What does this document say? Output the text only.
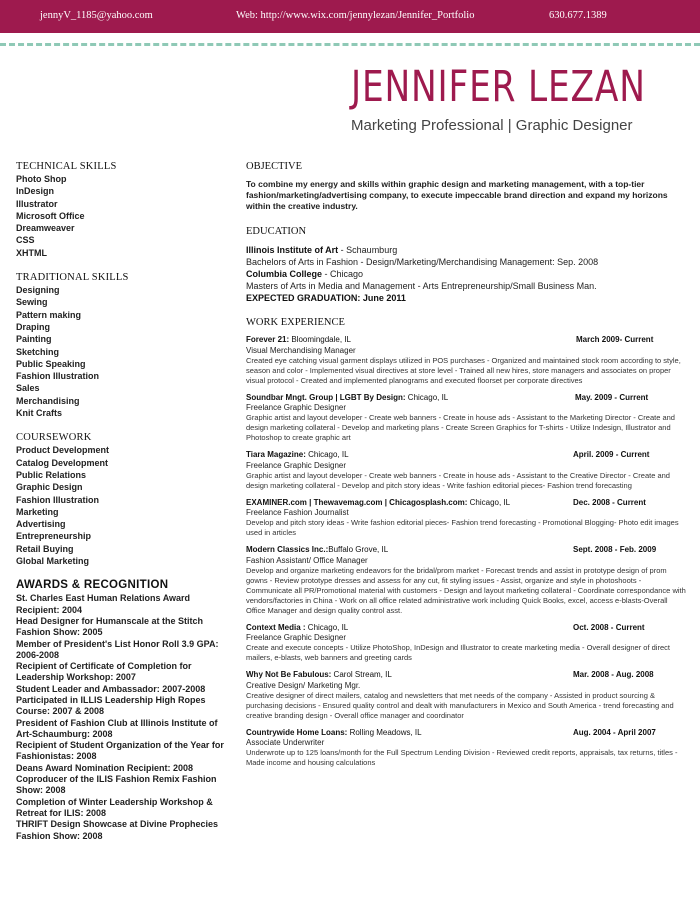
jennyV_1185@yahoo.com	Web: http://www.wix.com/jennylezan/Jennifer_Portfolio	630.677.1389
JENNIFER LEZAN
Marketing Professional | Graphic Designer
TECHNICAL SKILLS
Photo Shop
InDesign
Illustrator
Microsoft Office
Dreamweaver
CSS
XHTML
TRADITIONAL SKILLS
Designing
Sewing
Pattern making
Draping
Painting
Sketching
Public Speaking
Fashion Illustration
Sales
Merchandising
Knit Crafts
COURSEWORK
Product Development
Catalog Development
Public Relations
Graphic Design
Fashion Illustration
Marketing
Advertising
Entrepreneurship
Retail Buying
Global Marketing
AWARDS & RECOGNITION
St. Charles East Human Relations Award Recipient: 2004
Head Designer for Humanscale at the Stitch Fashion Show: 2005
Member of President's List Honor Roll 3.9 GPA: 2006-2008
Recipient of Certificate of Completion for Leadership Workshop: 2007
Student Leader and Ambassador: 2007-2008
Participated in ILLIS Leadership High Ropes Course: 2007 & 2008
President of Fashion Club at Illinois Institute of Art-Schaumburg: 2008
Recipient of Student Organization of the Year for Fashionistas: 2008
Deans Award Nomination Recipient: 2008
Coproducer of the ILIS Fashion Remix Fashion Show: 2008
Completion of Winter Leadership Workshop & Retreat for ILIS: 2008
THRIFT Design Showcase at Divine Prophecies Fashion Show: 2008
OBJECTIVE

To combine my energy and skills within graphic design and marketing management, with a top-tier fashion/marketing/advertising company, to execute impeccable brand direction and expand my horizons within the creative industry.

EDUCATION
Illinois Institute of Art - Schaumburg
Bachelors of Arts in Fashion - Design/Marketing/Merchandising Management: Sep. 2008
Columbia College - Chicago
Masters of Arts in Media and Management - Arts Entrepreneurship/Small Business Man.
EXPECTED GRADUATION: June 2011
WORK EXPERIENCE
Forever 21: Bloomingdale, IL	March 2009- Current
Visual Merchandising Manager
Created eye catching visual garment displays utilized in POS purchases - Organized and maintained stock room according to style, season and color - Implemented visual directives at store level - Trained all new hires, store managers and associates on proper visual protocol - Created and implemented planograms and executed floorset per corporate directives
Soundbar Mngt. Group | LGBT By Design: Chicago, IL	May. 2009 - Current
Freelance Graphic Designer
Graphic artist and layout developer - Create web banners - Create in house ads - Assistant to the Marketing Director - Create and design marketing collateral - Develop and marketing plans - Create Screen Graphics for T-shirts - Utilize Indesign, Illustrator and Photoshop to create graphic art
Tiara Magazine: Chicago, IL	April. 2009 - Current
Freelance Graphic Designer
Graphic artist and layout developer - Create web banners - Create in house ads - Assistant to the Creative Director - Create and design marketing collateral - Develop and pitch story ideas - Write fashion editorial pieces- Fashion trend forecasting
EXAMINER.com | Thewavemag.com | Chicagosplash.com: Chicago, IL	Dec. 2008 - Current
Freelance Fashion Journalist
Develop and pitch story ideas - Write fashion editorial pieces- Fashion trend forecasting - Promotional Blogging- Photo edit images used in articles
Modern Classics Inc.:Buffalo Grove, IL	Sept. 2008 - Feb. 2009
Fashion Assistant/ Office Manager
Develop and organize marketing endeavors for the bridal/prom market - Forecast trends and assist in prototype design of prom gowns - Review prototype dresses and assess for any cut, fit styling issues - Assist, organize and style in photoshoots -Communicate all PR/Promotional material with customers - Design and layout marketing collateral - Coordinate correspondance with vendors/factories in China - Work on all office related administrative work including Quick Books, excel, access e-blasts-Overall Office Manager and design quality control asst.
Context Media : Chicago, IL	Oct. 2008 - Current
Freelance Graphic Designer
Create and execute concepts - Utilize PhotoShop, InDesign and Illustrator to create marketing media - Overall designer of direct mailers, e-blasts, web banners and greeting cards
Why Not Be Fabulous: Carol Stream, IL	Mar. 2008 - Aug. 2008
Creative Design/ Marketing Mgr.
Creative designer of direct mailers, catalog and newsletters that met needs of the company - Assisted in product sourcing & purchasing decisions - Ensured quality control and dealt with manufacturers in Mexico and South America - trend forecasting and creative branding design - Overall office manager and coordinator
Countrywide Home Loans: Rolling Meadows, IL	Aug. 2004 - April 2007
Associate Underwriter
Underwrote up to 125 loans/month for the Full Spectrum Lending Division - Reviewed credit reports, appraisals, tax returns, titles - Made income and housing calculations
